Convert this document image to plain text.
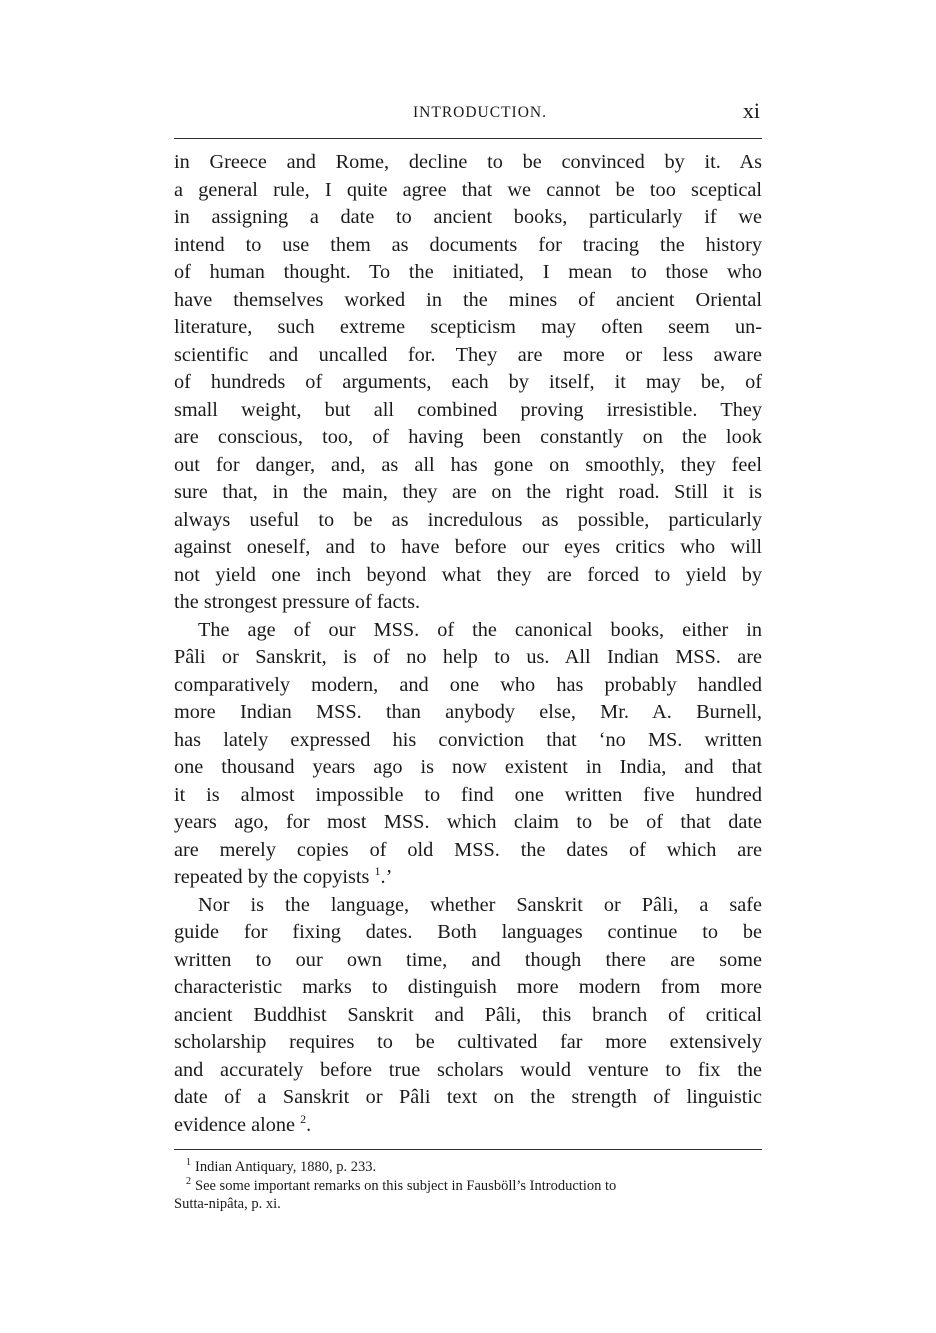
INTRODUCTION.	xi
in Greece and Rome, decline to be convinced by it. As
a general rule, I quite agree that we cannot be too sceptical
in assigning a date to ancient books, particularly if we
intend to use them as documents for tracing the history
of human thought. To the initiated, I mean to those who
have themselves worked in the mines of ancient Oriental
literature, such extreme scepticism may often seem un-
scientific and uncalled for. They are more or less aware
of hundreds of arguments, each by itself, it may be, of
small weight, but all combined proving irresistible. They
are conscious, too, of having been constantly on the look
out for danger, and, as all has gone on smoothly, they feel
sure that, in the main, they are on the right road. Still it is
always useful to be as incredulous as possible, particularly
against oneself, and to have before our eyes critics who will
not yield one inch beyond what they are forced to yield by
the strongest pressure of facts.
The age of our MSS. of the canonical books, either in
Pâli or Sanskrit, is of no help to us. All Indian MSS. are
comparatively modern, and one who has probably handled
more Indian MSS. than anybody else, Mr. A. Burnell,
has lately expressed his conviction that ‘no MS. written
one thousand years ago is now existent in India, and that
it is almost impossible to find one written five hundred
years ago, for most MSS. which claim to be of that date
are merely copies of old MSS. the dates of which are
repeated by the copyists $^1$.’
Nor is the language, whether Sanskrit or Pâli, a safe
guide for fixing dates. Both languages continue to be
written to our own time, and though there are some
characteristic marks to distinguish more modern from more
ancient Buddhist Sanskrit and Pâli, this branch of critical
scholarship requires to be cultivated far more extensively
and accurately before true scholars would venture to fix the
date of a Sanskrit or Pâli text on the strength of linguistic
evidence alone $^2$.
$^1$ Indian Antiquary, 1880, p. 233.
$^2$ See some important remarks on this subject in Fausböll’s Introduction to
Sutta-nipâta, p. xi.
